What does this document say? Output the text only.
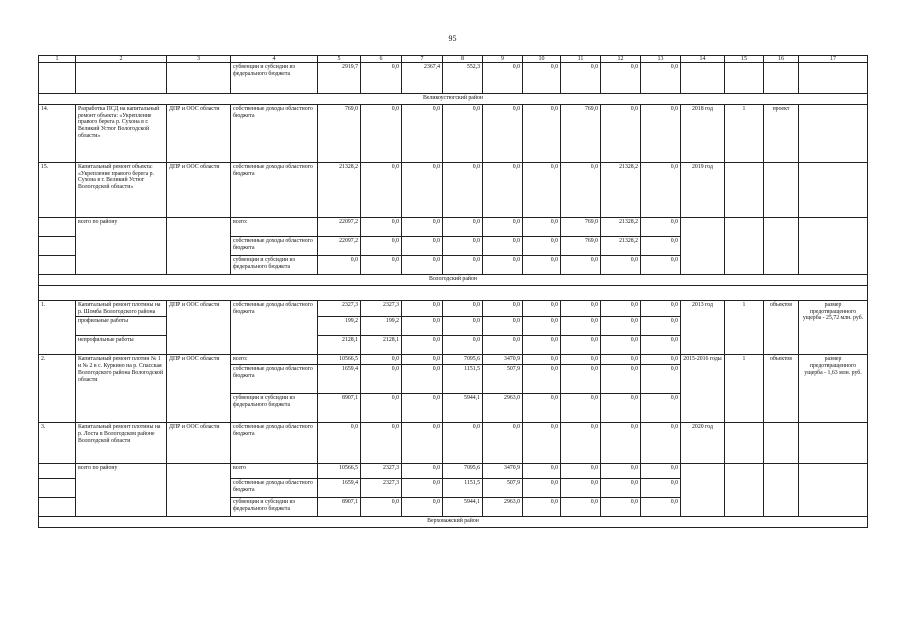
95
1	2	3	4	5	6	7	8	9	10	11	12	13	14	15	16	17
			субвенции и субсидии из федерального бюджета	2919,7	0,0	2367,4	552,3	0,0	0,0	0,0	0,0	0,0				
Великоустюгский район																
14.	Разработка ПСД на капитальный ремонт объекта: «Укрепление правого берега р. Сухона в г. Великий Устюг Вологодской области»	ДПР и ООС области	собственные доходы областного бюджета	769,0	0,0	0,0	0,0	0,0	0,0	769,0	0,0	0,0	2018 год	1	проект	
15.	Капитальный ремонт объекта: «Укрепление правого берега р. Сухона в г. Великий Устюг Вологодской области»	ДПР и ООС области	собственные доходы областного бюджета	21328,2	0,0	0,0	0,0	0,0	0,0	0,0	21328,2	0,0	2019 год			
	всего по району		всего:	22097,2	0,0	0,0	0,0	0,0	0,0	769,0	21328,2	0,0				
			собственные доходы областного бюджета	22097,2	0,0	0,0	0,0	0,0	0,0	769,0	21328,2	0,0				
			субвенции и субсидии из федерального бюджета	0,0	0,0	0,0	0,0	0,0	0,0	0,0	0,0	0,0				
Вологодский район																

1.	Капитальный ремонт плотины на р. Шомба Вологодского района	ДПР и ООС области	собственные доходы областного бюджета	2327,3	2327,3	0,0	0,0	0,0	0,0	0,0	0,0	0,0	2013 год	1	объектов	размер предотвращенного ущерба - 25,72 млн. руб.
	профильные работы			199,2	199,2	0,0	0,0	0,0	0,0	0,0	0,0	0,0				
	непрофильные работы			2128,1	2128,1	0,0	0,0	0,0	0,0	0,0	0,0	0,0				
2.	Капитальный ремонт плотин № 1 и № 2 в с. Куркино на р. Спасская Вологодского района Вологодской области	ДПР и ООС области	всего:	10566,5	0,0	0,0	7095,6	3470,9	0,0	0,0	0,0	0,0	2015-2016 годы	1	объектов	размер предотвращенного ущерба - 1,63 млн. руб.
			собственные доходы областного бюджета	1659,4	0,0	0,0	1151,5	507,9	0,0	0,0	0,0	0,0				
			субвенции и субсидии из федерального бюджета	8907,1	0,0	0,0	5944,1	2963,0	0,0	0,0	0,0	0,0				
3.	Капитальный ремонт плотины на р. Лоста в Вологодском районе Вологодской области	ДПР и ООС области	собственные доходы областного бюджета	0,0	0,0	0,0	0,0	0,0	0,0	0,0	0,0	0,0	2020 год			
	всего по району		всего	10566,5	2327,3	0,0	7095,6	3470,9	0,0	0,0	0,0	0,0				
			собственные доходы областного бюджета	1659,4	2327,3	0,0	1151,5	507,9	0,0	0,0	0,0	0,0				
			субвенции и субсидии из федерального бюджета	8907,1	0,0	0,0	5944,1	2963,0	0,0	0,0	0,0	0,0				
Верховажский район																
